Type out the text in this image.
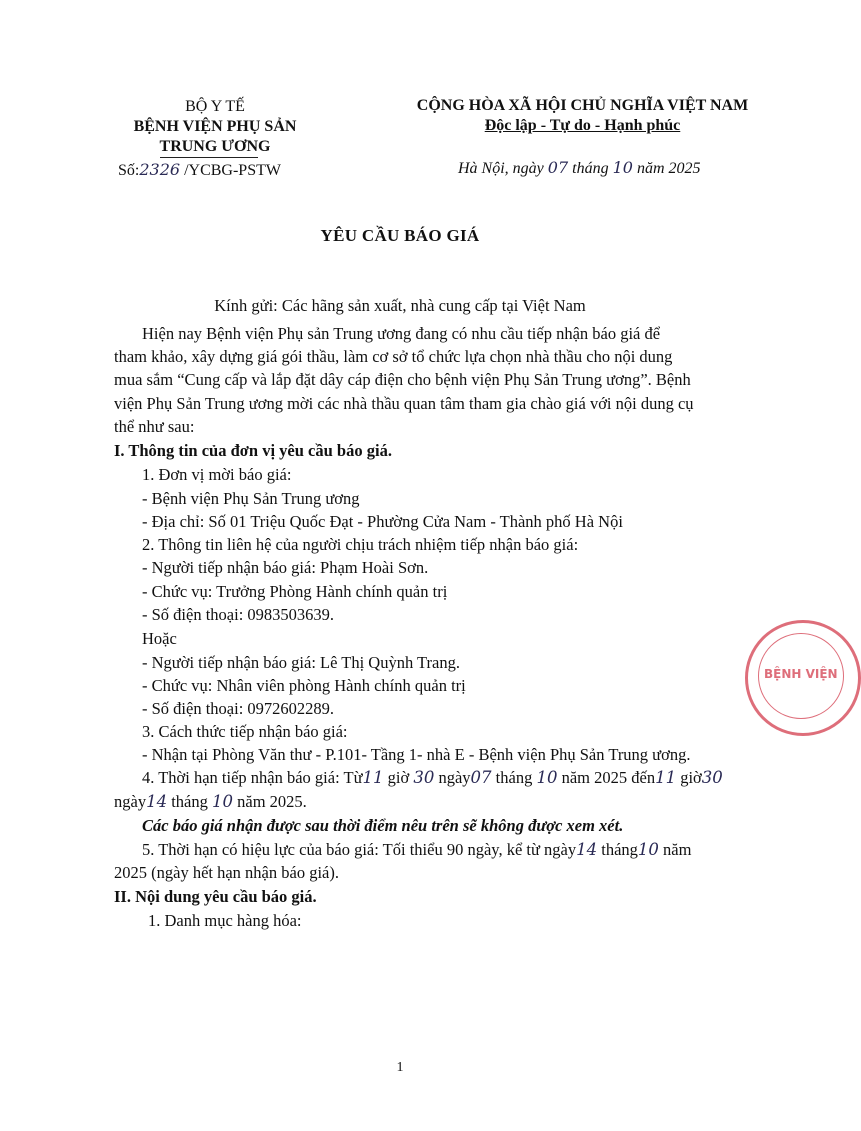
BỘ Y TẾ
BỆNH VIỆN PHỤ SẢN
TRUNG ƯƠNG
Số:2326 /YCBG-PSTW
CỘNG HÒA XÃ HỘI CHỦ NGHĨA VIỆT NAM
Độc lập - Tự do - Hạnh phúc
Hà Nội, ngày 07 tháng 10 năm 2025
YÊU CẦU BÁO GIÁ
Kính gửi: Các hãng sản xuất, nhà cung cấp tại Việt Nam
Hiện nay Bệnh viện Phụ sản Trung ương đang có nhu cầu tiếp nhận báo giá để
tham khảo, xây dựng giá gói thầu, làm cơ sở tổ chức lựa chọn nhà thầu cho nội dung
mua sắm “Cung cấp và lắp đặt dây cáp điện cho bệnh viện Phụ Sản Trung ương”. Bệnh
viện Phụ Sản Trung ương mời các nhà thầu quan tâm tham gia chào giá với nội dung cụ
thể như sau:
I. Thông tin của đơn vị yêu cầu báo giá.
1. Đơn vị mời báo giá:
- Bệnh viện Phụ Sản Trung ương
- Địa chỉ: Số 01 Triệu Quốc Đạt - Phường Cửa Nam - Thành phố Hà Nội
2. Thông tin liên hệ của người chịu trách nhiệm tiếp nhận báo giá:
- Người tiếp nhận báo giá: Phạm Hoài Sơn.
- Chức vụ: Trưởng Phòng Hành chính quản trị
- Số điện thoại: 0983503639.
Hoặc
- Người tiếp nhận báo giá: Lê Thị Quỳnh Trang.
- Chức vụ: Nhân viên phòng Hành chính quản trị
- Số điện thoại: 0972602289.
3. Cách thức tiếp nhận báo giá:
- Nhận tại Phòng Văn thư - P.101- Tầng 1- nhà E - Bệnh viện Phụ Sản Trung ương.
4. Thời hạn tiếp nhận báo giá: Từ11 giờ 30 ngày07 tháng 10 năm 2025 đến11 giờ30
ngày14 tháng 10 năm 2025.
Các báo giá nhận được sau thời điểm nêu trên sẽ không được xem xét.
5. Thời hạn có hiệu lực của báo giá: Tối thiểu 90 ngày, kể từ ngày14 tháng10 năm
2025 (ngày hết hạn nhận báo giá).
II. Nội dung yêu cầu báo giá.
1. Danh mục hàng hóa:
1
BỆNH VIỆN
